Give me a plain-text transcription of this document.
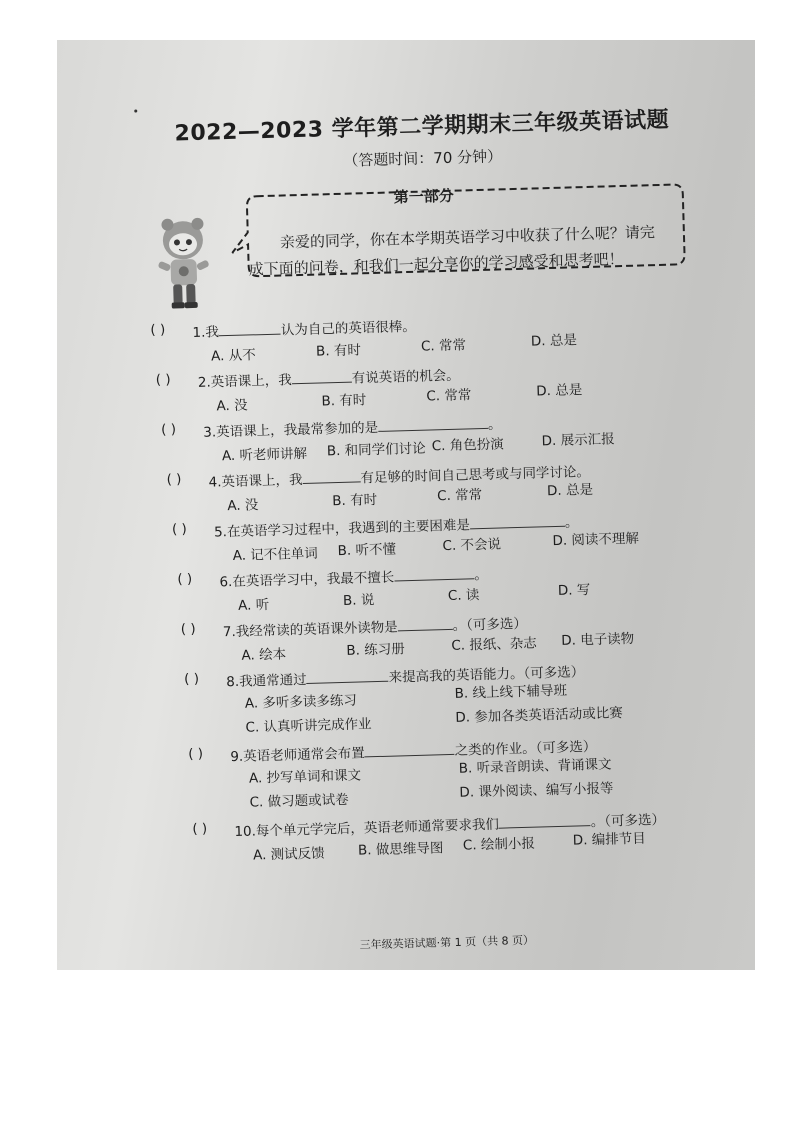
2022—2023 学年第二学期期末三年级英语试题
（答题时间：70 分钟）
第一部分
亲爱的同学，你在本学期英语学习中收获了什么呢？请完
成下面的问卷，和我们一起分享你的学习感受和思考吧！
( ) 1.我	认为自己的英语很棒。
A. 从不	B. 有时	C. 常常	D. 总是
( ) 2.英语课上，我	有说英语的机会。
A. 没	B. 有时	C. 常常	D. 总是
( ) 3.英语课上，我最常参加的是	。
A. 听老师讲解 B. 和同学们讨论 C. 角色扮演	D. 展示汇报
( ) 4.英语课上，我	有足够的时间自己思考或与同学讨论。
A. 没	B. 有时	C. 常常	D. 总是
( ) 5.在英语学习过程中，我遇到的主要困难是	。
A. 记不住单词 B. 听不懂	C. 不会说	D. 阅读不理解
( ) 6.在英语学习中，我最不擅长	。
A. 听	B. 说	C. 读	D. 写
( ) 7.我经常读的英语课外读物是	。（可多选）
A. 绘本	B. 练习册	C. 报纸、杂志 D. 电子读物
( ) 8.我通常通过	来提高我的英语能力。（可多选）
A. 多听多读多练习
B. 线上线下辅导班
C. 认真听讲完成作业
D. 参加各类英语活动或比赛
( ) 9.英语老师通常会布置	之类的作业。（可多选）
A. 抄写单词和课文
B. 听录音朗读、背诵课文
C. 做习题或试卷
D. 课外阅读、编写小报等
( ) 10.每个单元学完后，英语老师通常要求我们	。（可多选）
A. 测试反馈 B. 做思维导图 C. 绘制小报	D. 编排节目
三年级英语试题·第 1 页（共 8 页）
